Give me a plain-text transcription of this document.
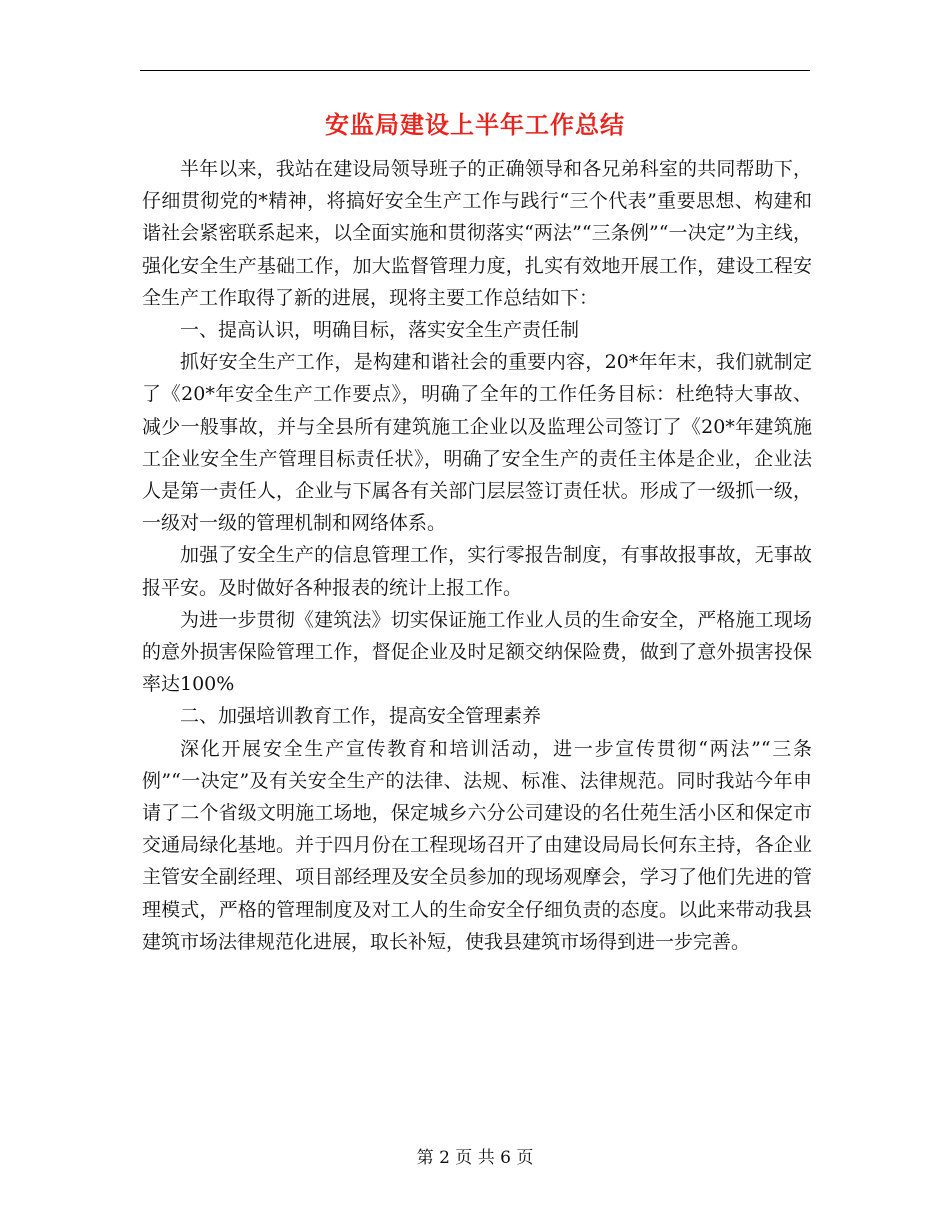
安监局建设上半年工作总结

半年以来，我站在建设局领导班子的正确领导和各兄弟科室的共同帮助下，仔细贯彻党的*精神，将搞好安全生产工作与践行“三个代表”重要思想、构建和谐社会紧密联系起来，以全面实施和贯彻落实“两法”“三条例”“一决定”为主线，强化安全生产基础工作，加大监督管理力度，扎实有效地开展工作，建设工程安全生产工作取得了新的进展，现将主要工作总结如下：

一、提高认识，明确目标，落实安全生产责任制

抓好安全生产工作，是构建和谐社会的重要内容，20*年年末，我们就制定了《20*年安全生产工作要点》，明确了全年的工作任务目标：杜绝特大事故、减少一般事故，并与全县所有建筑施工企业以及监理公司签订了《20*年建筑施工企业安全生产管理目标责任状》，明确了安全生产的责任主体是企业，企业法人是第一责任人，企业与下属各有关部门层层签订责任状。形成了一级抓一级，一级对一级的管理机制和网络体系。

加强了安全生产的信息管理工作，实行零报告制度，有事故报事故，无事故报平安。及时做好各种报表的统计上报工作。

为进一步贯彻《建筑法》切实保证施工作业人员的生命安全，严格施工现场的意外损害保险管理工作，督促企业及时足额交纳保险费，做到了意外损害投保率达100%

二、加强培训教育工作，提高安全管理素养

深化开展安全生产宣传教育和培训活动，进一步宣传贯彻“两法”“三条例”“一决定”及有关安全生产的法律、法规、标准、法律规范。同时我站今年申请了二个省级文明施工场地，保定城乡六分公司建设的名仕苑生活小区和保定市交通局绿化基地。并于四月份在工程现场召开了由建设局局长何东主持，各企业主管安全副经理、项目部经理及安全员参加的现场观摩会，学习了他们先进的管理模式，严格的管理制度及对工人的生命安全仔细负责的态度。以此来带动我县建筑市场法律规范化进展，取长补短，使我县建筑市场得到进一步完善。

第 2 页 共 6 页
